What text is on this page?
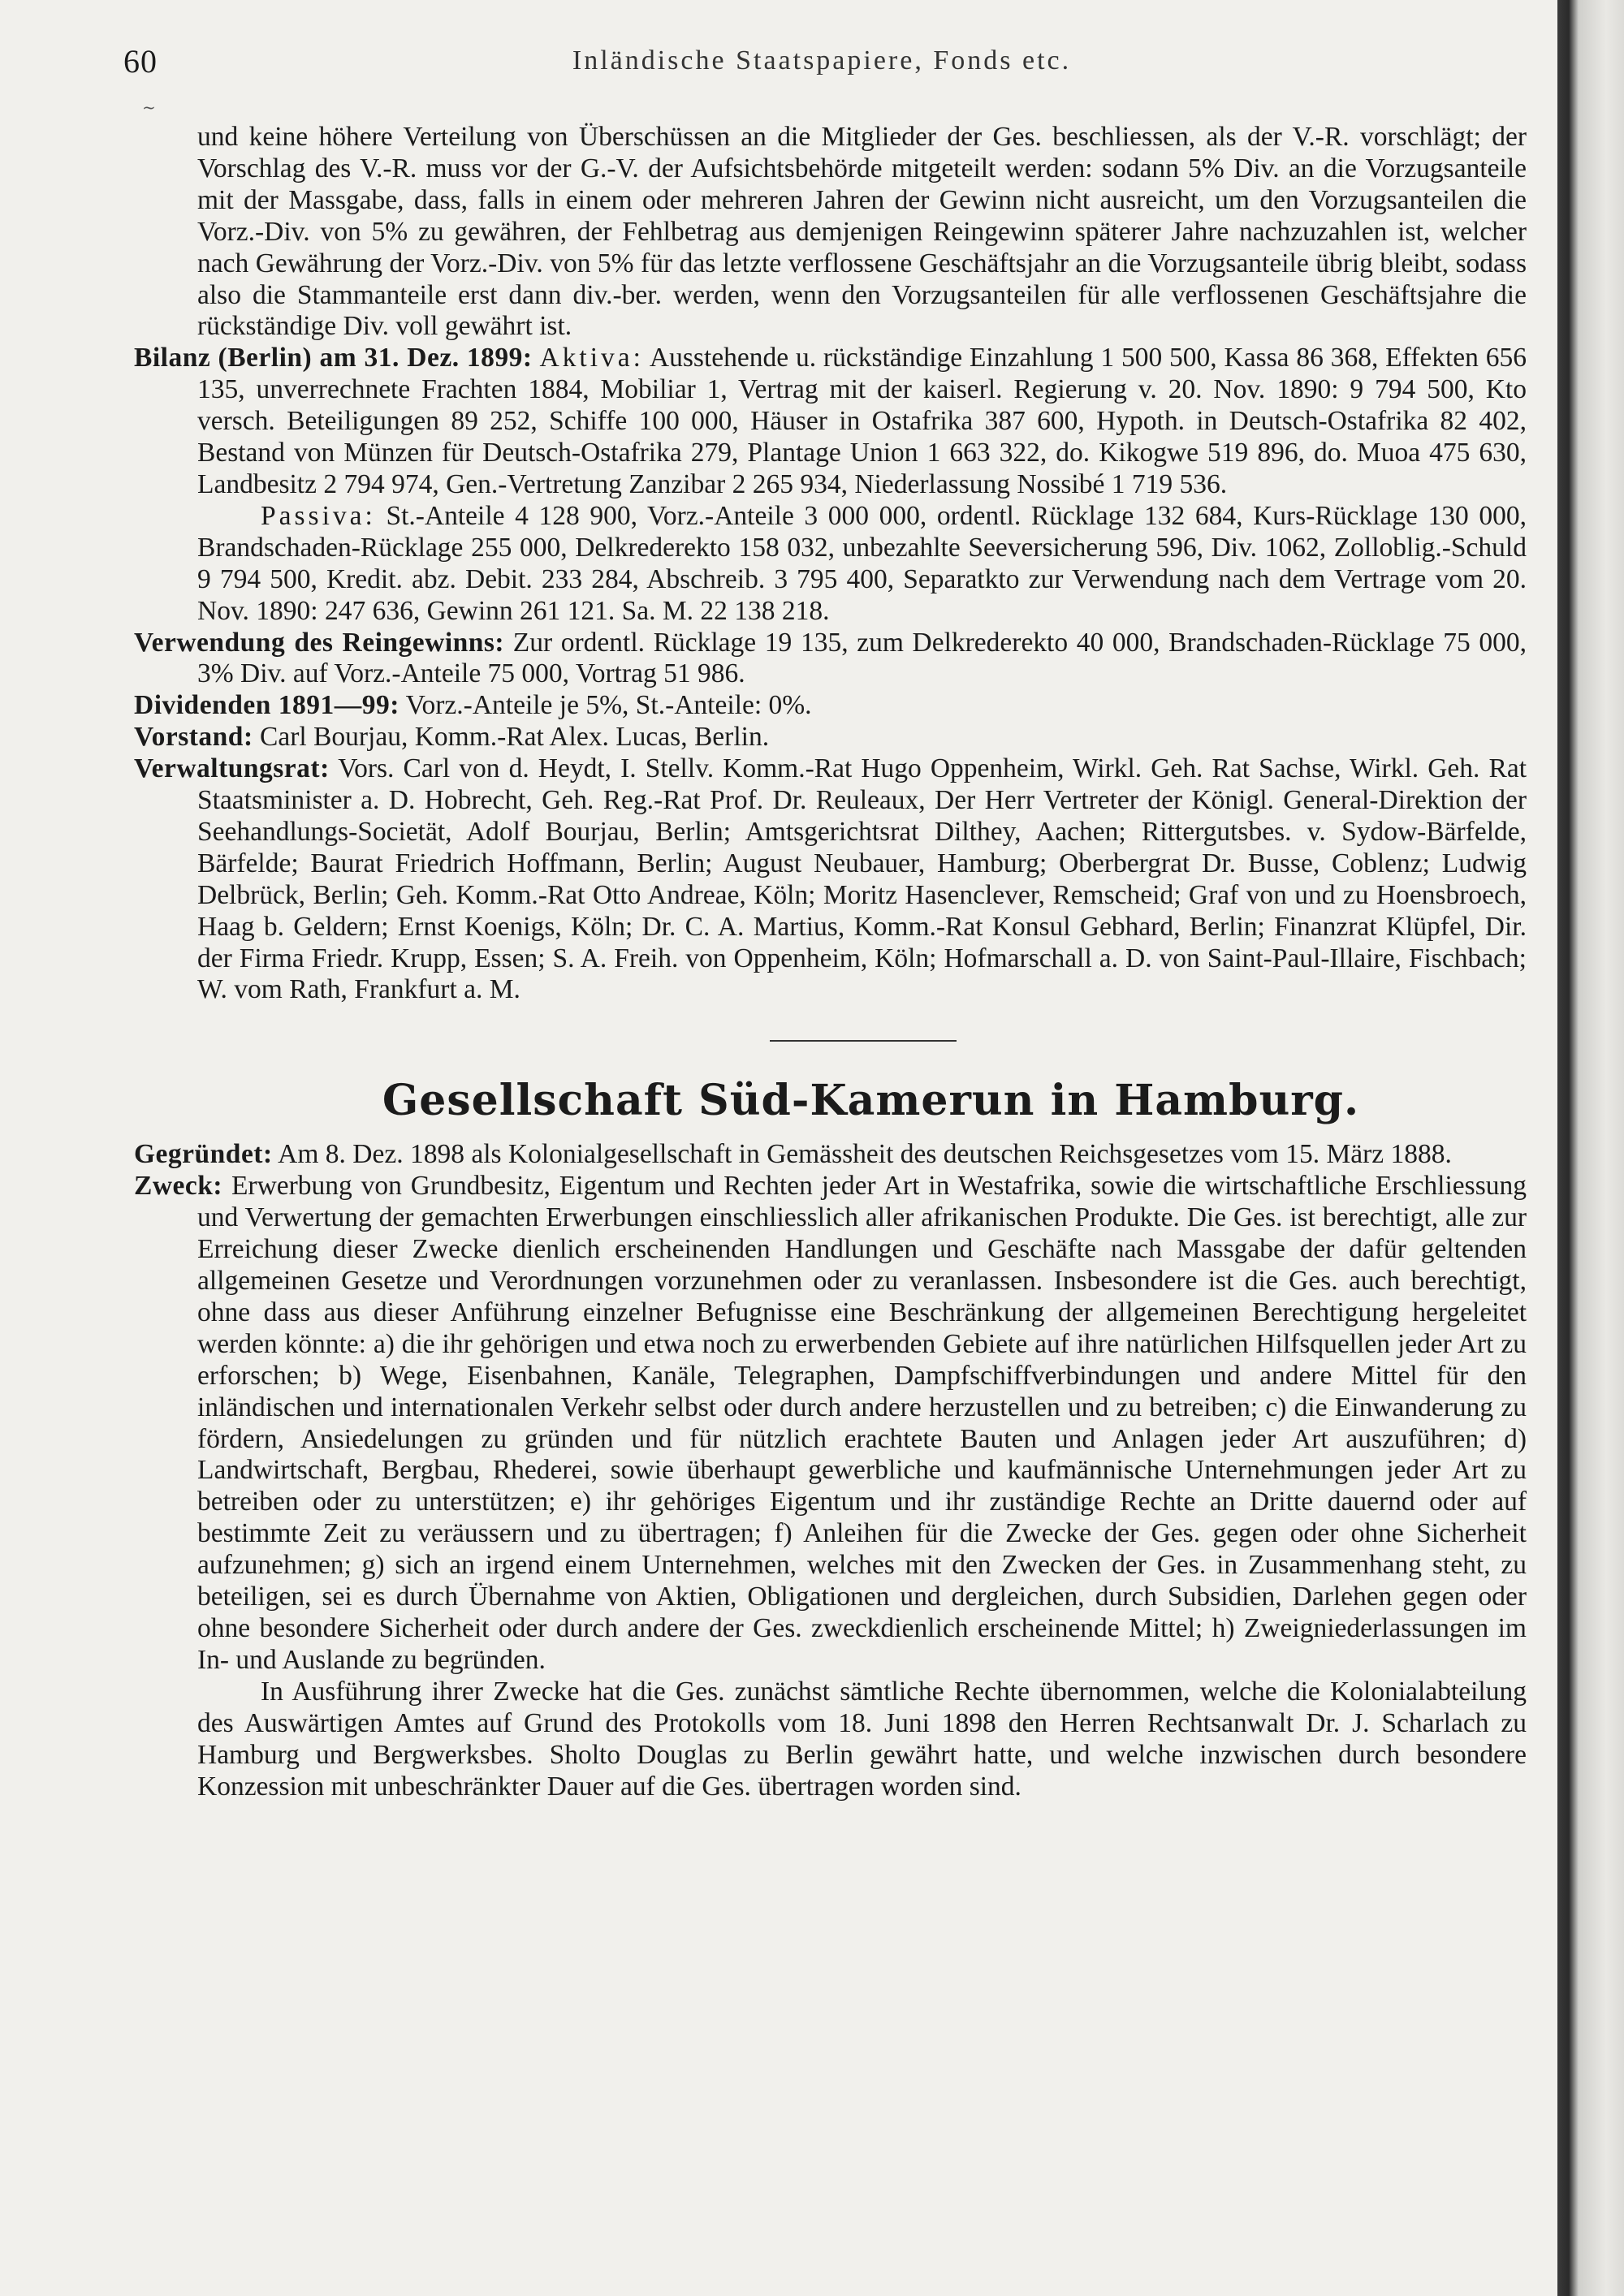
60	Inländische Staatspapiere, Fonds etc.
~

und keine höhere Verteilung von Überschüssen an die Mitglieder der Ges. beschliessen, als der V.-R. vorschlägt; der Vorschlag des V.-R. muss vor der G.-V. der Aufsichtsbehörde mitgeteilt werden: sodann 5% Div. an die Vorzugsanteile mit der Massgabe, dass, falls in einem oder mehreren Jahren der Gewinn nicht ausreicht, um den Vorzugsanteilen die Vorz.-Div. von 5% zu gewähren, der Fehlbetrag aus demjenigen Reingewinn späterer Jahre nachzuzahlen ist, welcher nach Gewährung der Vorz.-Div. von 5% für das letzte verflossene Geschäftsjahr an die Vorzugsanteile übrig bleibt, sodass also die Stammanteile erst dann div.-ber. werden, wenn den Vorzugsanteilen für alle verflossenen Geschäftsjahre die rückständige Div. voll gewährt ist.

Bilanz (Berlin) am 31. Dez. 1899: Aktiva: Ausstehende u. rückständige Einzahlung 1 500 500, Kassa 86 368, Effekten 656 135, unverrechnete Frachten 1884, Mobiliar 1, Vertrag mit der kaiserl. Regierung v. 20. Nov. 1890: 9 794 500, Kto versch. Beteiligungen 89 252, Schiffe 100 000, Häuser in Ostafrika 387 600, Hypoth. in Deutsch-Ostafrika 82 402, Bestand von Münzen für Deutsch-Ostafrika 279, Plantage Union 1 663 322, do. Kikogwe 519 896, do. Muoa 475 630, Landbesitz 2 794 974, Gen.-Vertretung Zanzibar 2 265 934, Niederlassung Nossibé 1 719 536.

Passiva: St.-Anteile 4 128 900, Vorz.-Anteile 3 000 000, ordentl. Rücklage 132 684, Kurs-Rücklage 130 000, Brandschaden-Rücklage 255 000, Delkrederekto 158 032, unbezahlte Seeversicherung 596, Div. 1062, Zolloblig.-Schuld 9 794 500, Kredit. abz. Debit. 233 284, Abschreib. 3 795 400, Separatkto zur Verwendung nach dem Vertrage vom 20. Nov. 1890: 247 636, Gewinn 261 121. Sa. M. 22 138 218.

Verwendung des Reingewinns: Zur ordentl. Rücklage 19 135, zum Delkrederekto 40 000, Brandschaden-Rücklage 75 000, 3% Div. auf Vorz.-Anteile 75 000, Vortrag 51 986.

Dividenden 1891—99: Vorz.-Anteile je 5%, St.-Anteile: 0%.

Vorstand: Carl Bourjau, Komm.-Rat Alex. Lucas, Berlin.

Verwaltungsrat: Vors. Carl von d. Heydt, I. Stellv. Komm.-Rat Hugo Oppenheim, Wirkl. Geh. Rat Sachse, Wirkl. Geh. Rat Staatsminister a. D. Hobrecht, Geh. Reg.-Rat Prof. Dr. Reuleaux, Der Herr Vertreter der Königl. General-Direktion der Seehandlungs-Societät, Adolf Bourjau, Berlin; Amtsgerichtsrat Dilthey, Aachen; Rittergutsbes. v. Sydow-Bärfelde, Bärfelde; Baurat Friedrich Hoffmann, Berlin; August Neubauer, Hamburg; Oberbergrat Dr. Busse, Coblenz; Ludwig Delbrück, Berlin; Geh. Komm.-Rat Otto Andreae, Köln; Moritz Hasenclever, Remscheid; Graf von und zu Hoensbroech, Haag b. Geldern; Ernst Koenigs, Köln; Dr. C. A. Martius, Komm.-Rat Konsul Gebhard, Berlin; Finanzrat Klüpfel, Dir. der Firma Friedr. Krupp, Essen; S. A. Freih. von Oppenheim, Köln; Hofmarschall a. D. von Saint-Paul-Illaire, Fischbach; W. vom Rath, Frankfurt a. M.

Gesellschaft Süd-Kamerun in Hamburg.

Gegründet: Am 8. Dez. 1898 als Kolonialgesellschaft in Gemässheit des deutschen Reichsgesetzes vom 15. März 1888.

Zweck: Erwerbung von Grundbesitz, Eigentum und Rechten jeder Art in Westafrika, sowie die wirtschaftliche Erschliessung und Verwertung der gemachten Erwerbungen einschliesslich aller afrikanischen Produkte. Die Ges. ist berechtigt, alle zur Erreichung dieser Zwecke dienlich erscheinenden Handlungen und Geschäfte nach Massgabe der dafür geltenden allgemeinen Gesetze und Verordnungen vorzunehmen oder zu veranlassen. Insbesondere ist die Ges. auch berechtigt, ohne dass aus dieser Anführung einzelner Befugnisse eine Beschränkung der allgemeinen Berechtigung hergeleitet werden könnte: a) die ihr gehörigen und etwa noch zu erwerbenden Gebiete auf ihre natürlichen Hilfsquellen jeder Art zu erforschen; b) Wege, Eisenbahnen, Kanäle, Telegraphen, Dampfschiffverbindungen und andere Mittel für den inländischen und internationalen Verkehr selbst oder durch andere herzustellen und zu betreiben; c) die Einwanderung zu fördern, Ansiedelungen zu gründen und für nützlich erachtete Bauten und Anlagen jeder Art auszuführen; d) Landwirtschaft, Bergbau, Rhederei, sowie überhaupt gewerbliche und kaufmännische Unternehmungen jeder Art zu betreiben oder zu unterstützen; e) ihr gehöriges Eigentum und ihr zuständige Rechte an Dritte dauernd oder auf bestimmte Zeit zu veräussern und zu übertragen; f) Anleihen für die Zwecke der Ges. gegen oder ohne Sicherheit aufzunehmen; g) sich an irgend einem Unternehmen, welches mit den Zwecken der Ges. in Zusammenhang steht, zu beteiligen, sei es durch Übernahme von Aktien, Obligationen und dergleichen, durch Subsidien, Darlehen gegen oder ohne besondere Sicherheit oder durch andere der Ges. zweckdienlich erscheinende Mittel; h) Zweigniederlassungen im In- und Auslande zu begründen.

In Ausführung ihrer Zwecke hat die Ges. zunächst sämtliche Rechte übernommen, welche die Kolonialabteilung des Auswärtigen Amtes auf Grund des Protokolls vom 18. Juni 1898 den Herren Rechtsanwalt Dr. J. Scharlach zu Hamburg und Bergwerksbes. Sholto Douglas zu Berlin gewährt hatte, und welche inzwischen durch besondere Konzession mit unbeschränkter Dauer auf die Ges. übertragen worden sind.
